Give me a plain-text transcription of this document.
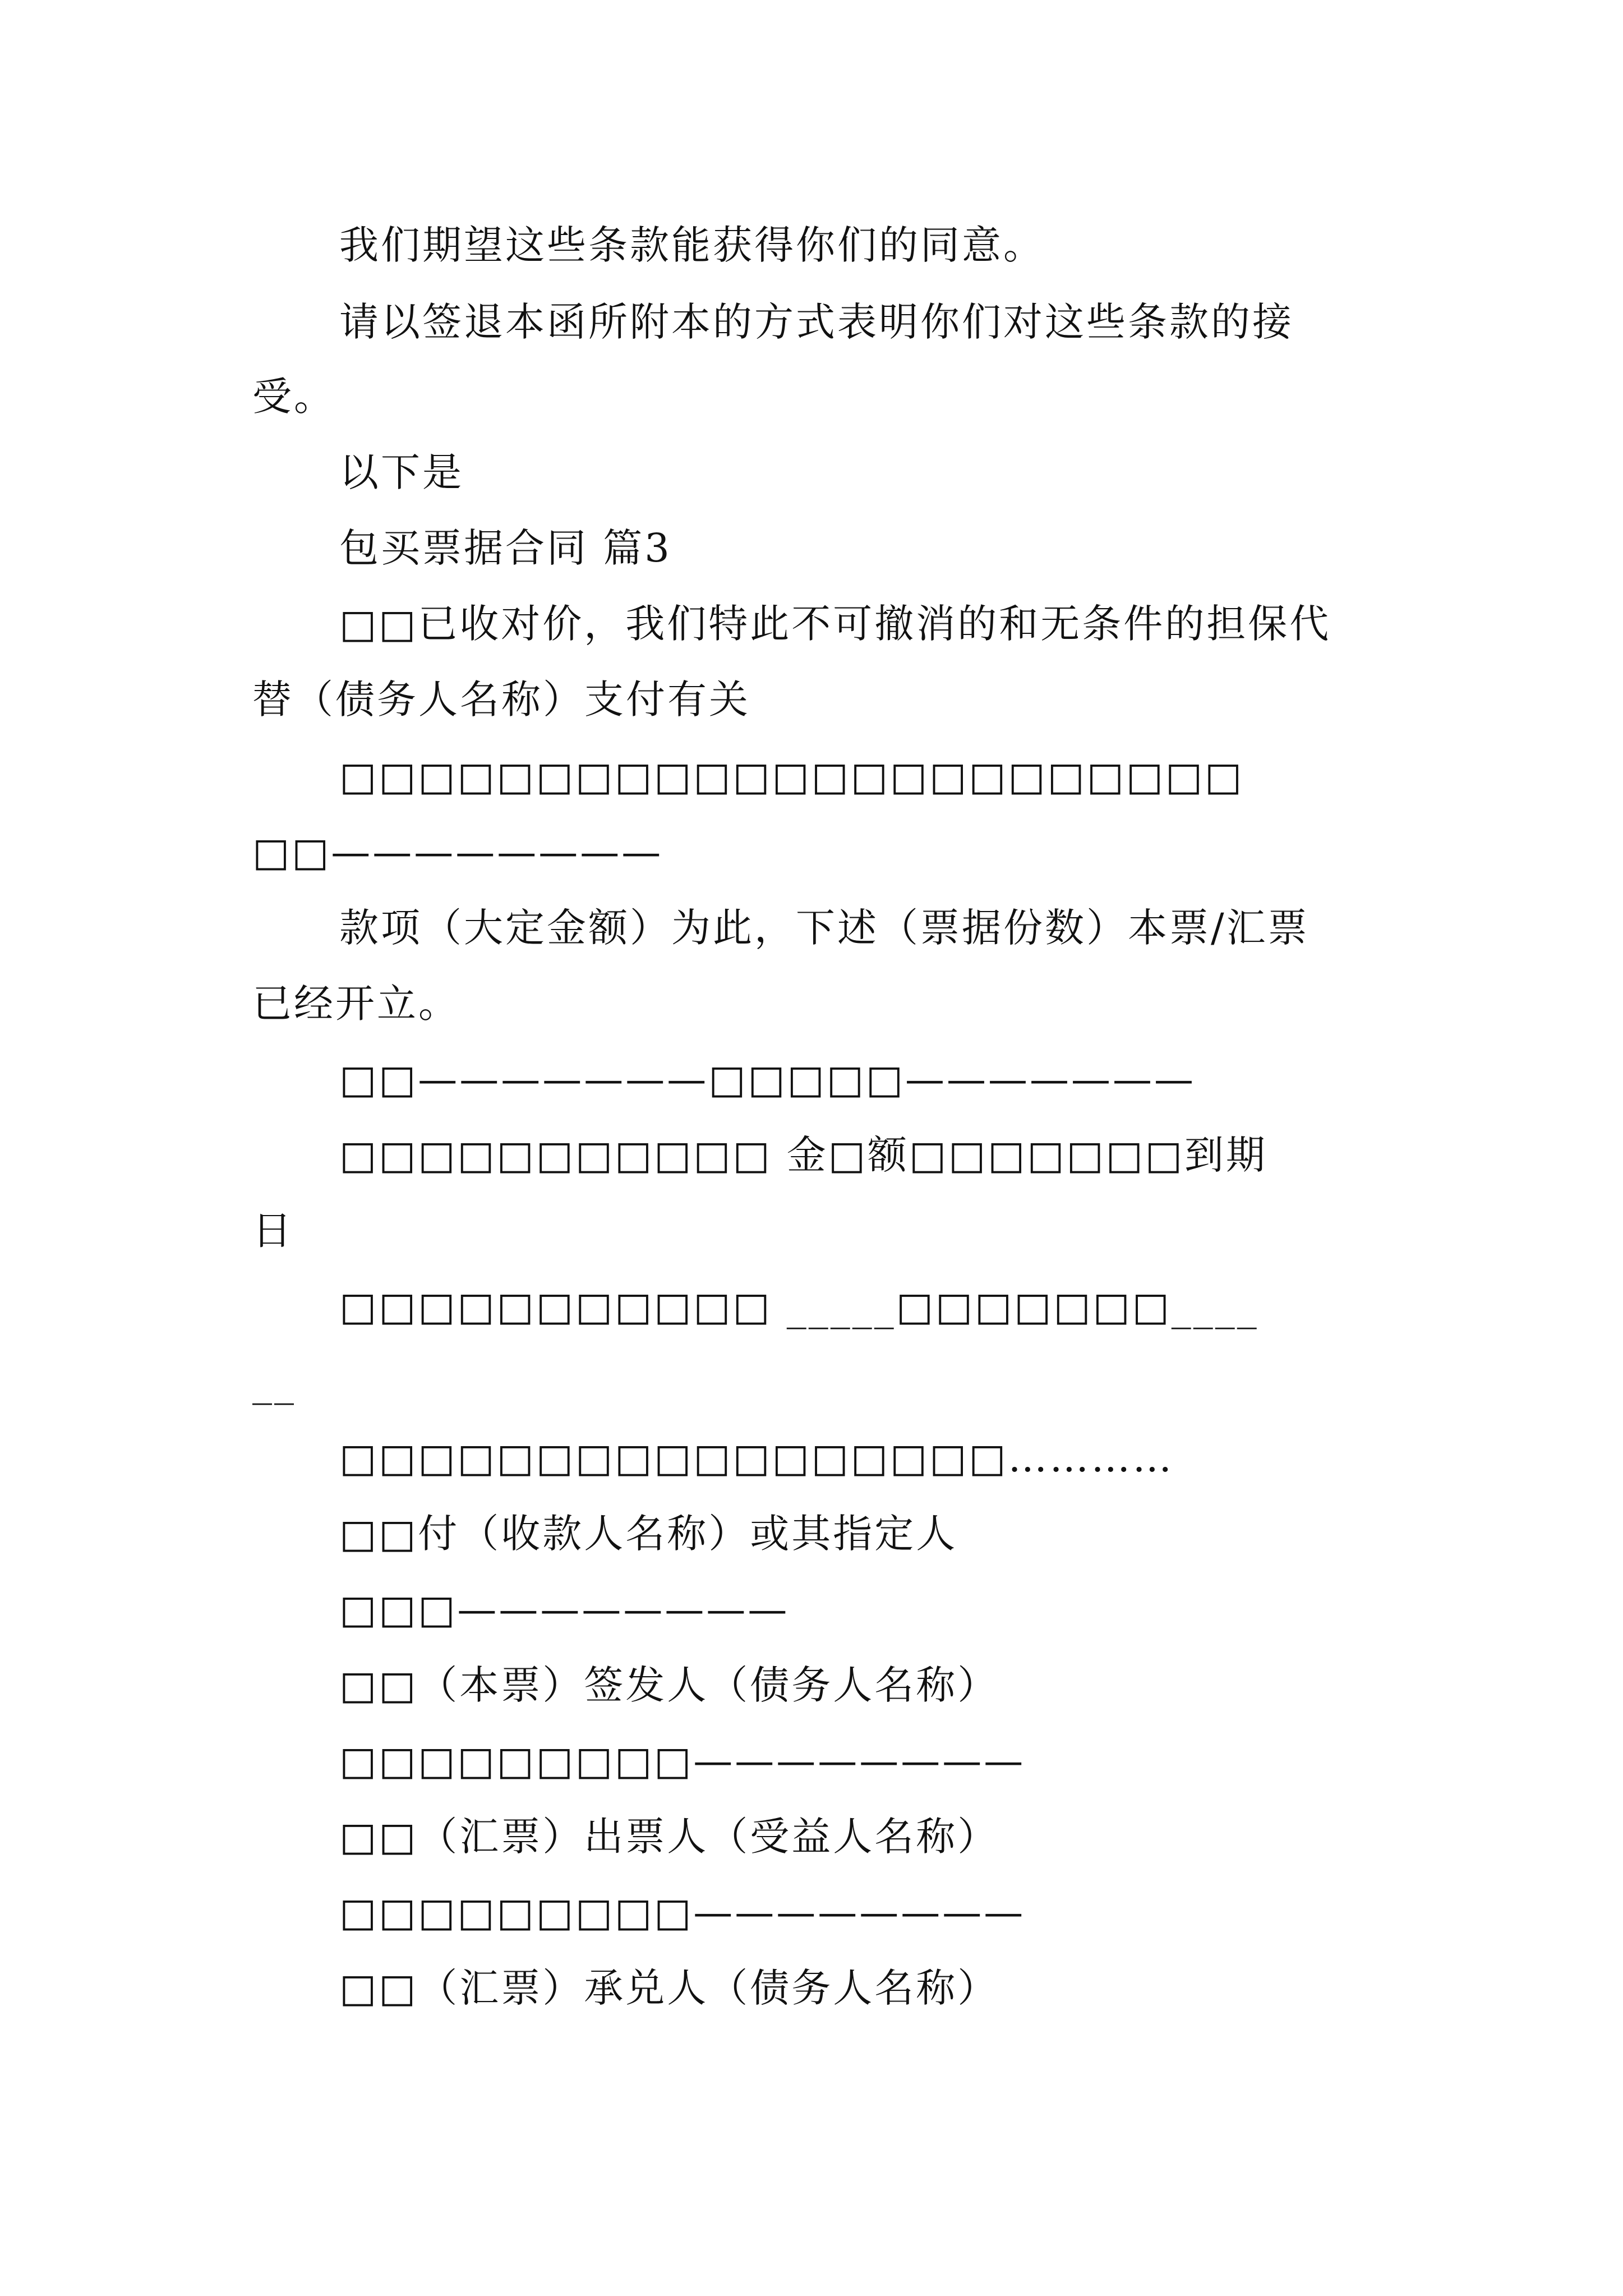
我们期望这些条款能获得你们的同意。
请以签退本函所附本的方式表明你们对这些条款的接
受。
以下是
包买票据合同 篇3
□□已收对价，我们特此不可撤消的和无条件的担保代
替（债务人名称）支付有关
□□□□□□□□□□□□□□□□□□□□□□□
□□————————
款项（大定金额）为此，下述（票据份数）本票/汇票
已经开立。
□□———————□□□□□———————
□□□□□□□□□□□ 金□额□□□□□□□到期
日
□□□□□□□□□□□ _____□□□□□□□____
__
□□□□□□□□□□□□□□□□□…………
□□付（收款人名称）或其指定人
□□□————————
□□（本票）签发人（债务人名称）
□□□□□□□□□————————
□□（汇票）出票人（受益人名称）
□□□□□□□□□————————
□□（汇票）承兑人（债务人名称）
